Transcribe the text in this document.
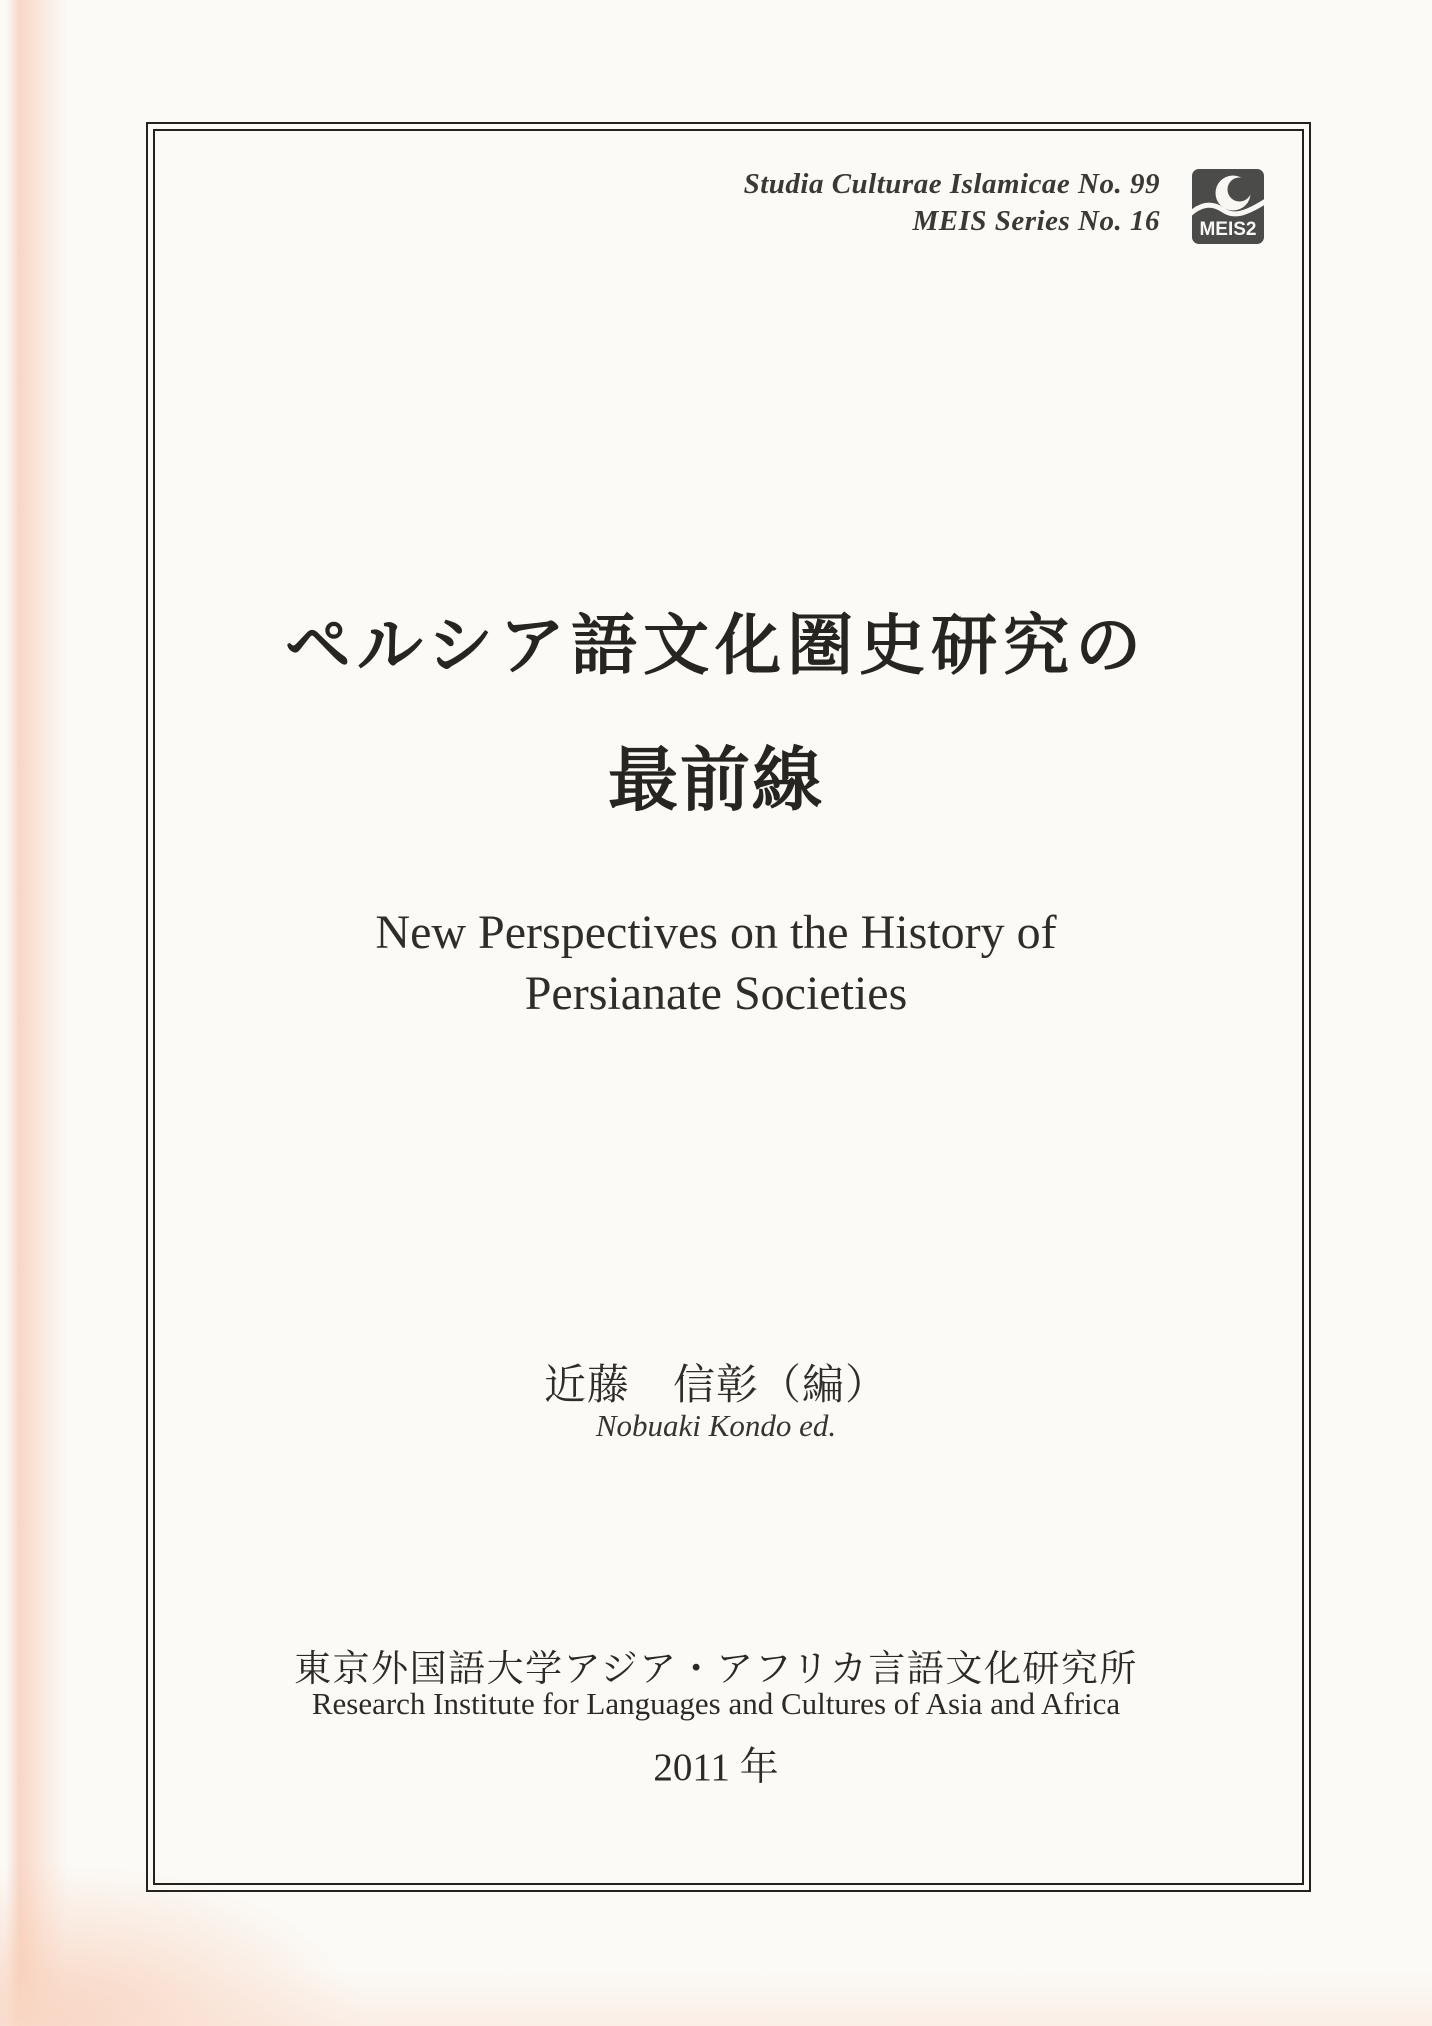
Studia Culturae Islamicae No. 99
MEIS Series No. 16 MEIS2
ペルシア語文化圏史研究の
最前線
New Perspectives on the History of
Persianate Societies
近藤　信彰（編）
Nobuaki Kondo ed.
東京外国語大学アジア・アフリカ言語文化研究所
Research Institute for Languages and Cultures of Asia and Africa
2011 年
